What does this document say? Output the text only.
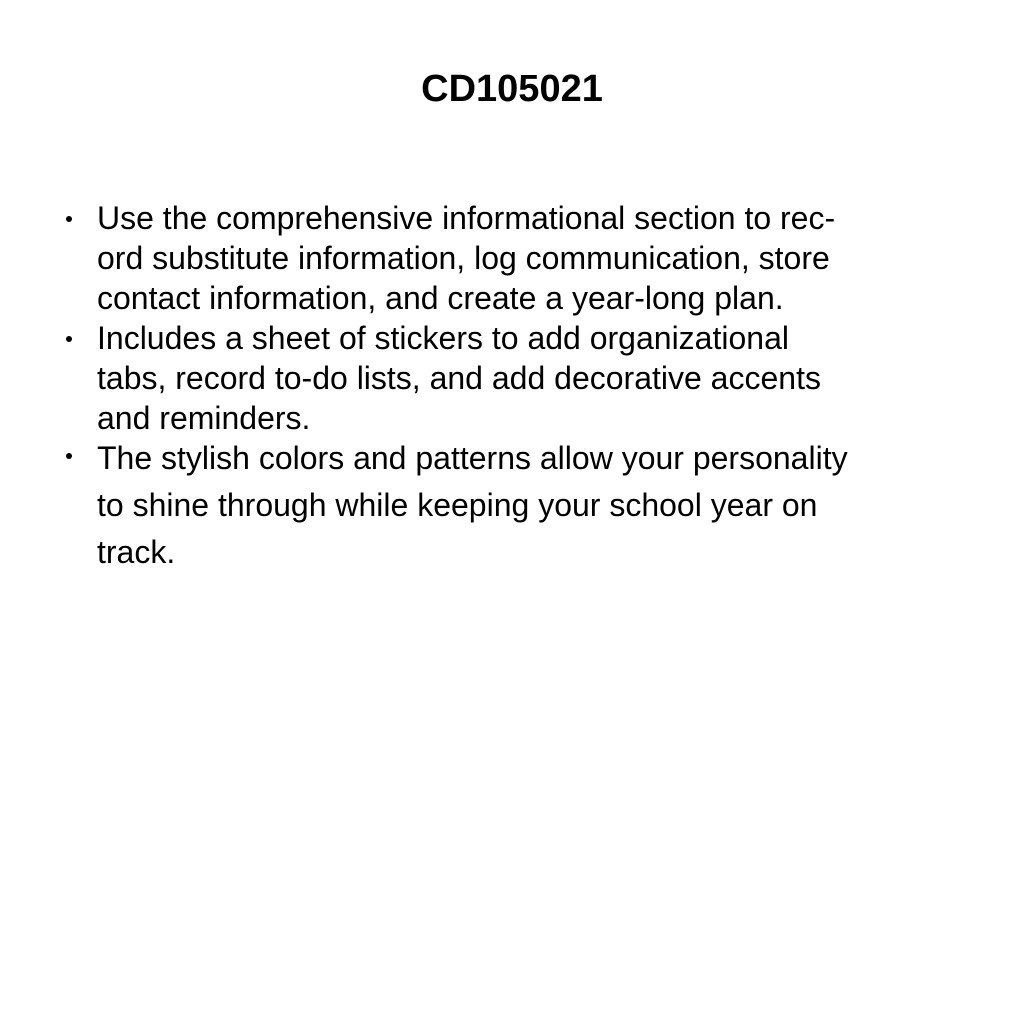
CD105021
Use the comprehensive informational section to rec-
ord substitute information, log communication, store
contact information, and create a year-long plan.
Includes a sheet of stickers to add organizational
tabs, record to-do lists, and add decorative accents
and reminders.
The stylish colors and patterns allow your personality
to shine through while keeping your school year on
track.
